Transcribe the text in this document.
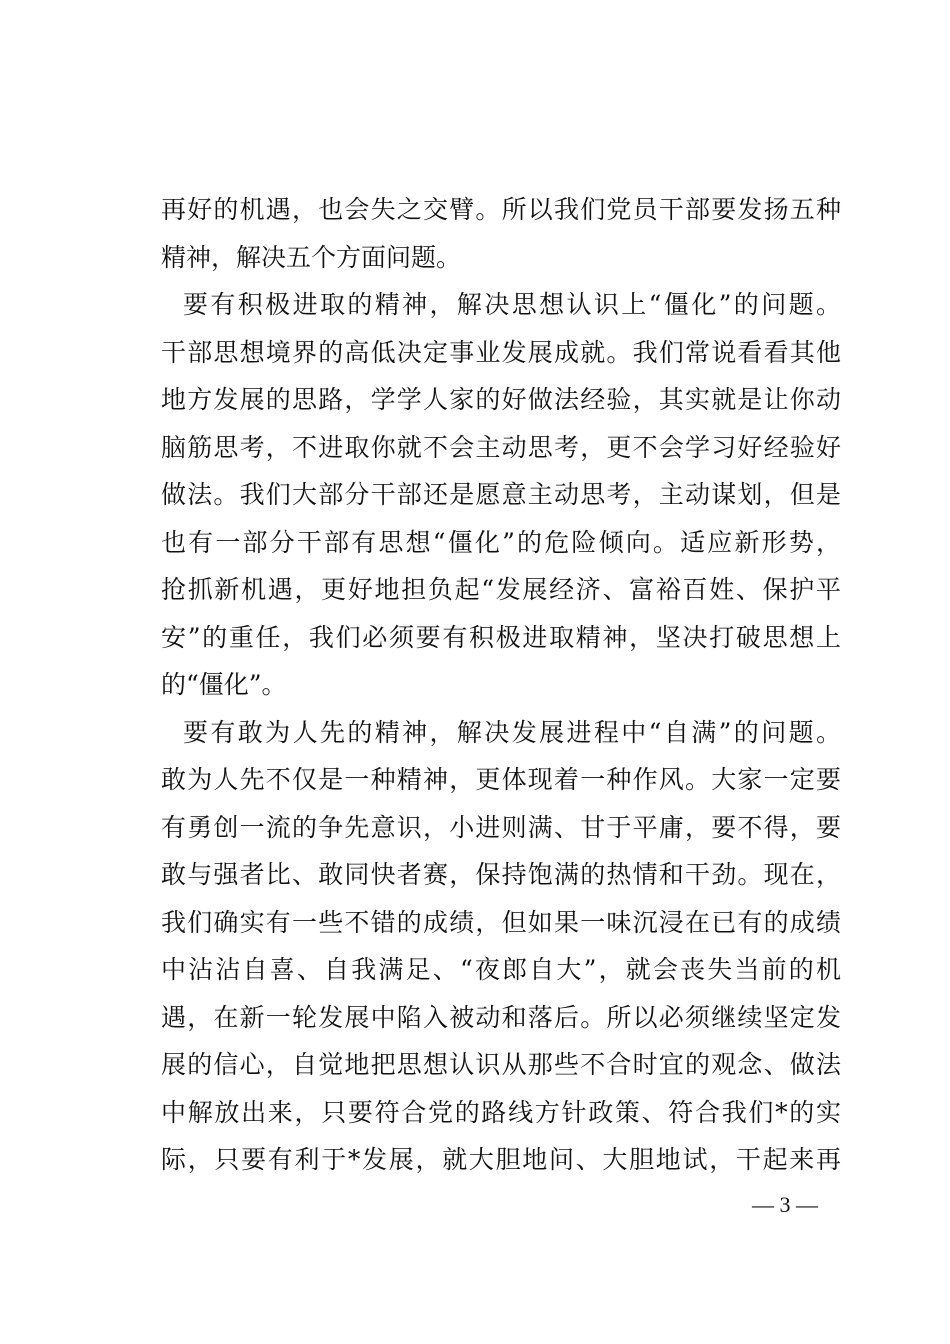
再好的机遇，也会失之交臂。所以我们党员干部要发扬五种
精神，解决五个方面问题。
要有积极进取的精神，解决思想认识上“僵化”的问题。
干部思想境界的高低决定事业发展成就。我们常说看看其他
地方发展的思路，学学人家的好做法经验，其实就是让你动
脑筋思考，不进取你就不会主动思考，更不会学习好经验好
做法。我们大部分干部还是愿意主动思考，主动谋划，但是
也有一部分干部有思想“僵化”的危险倾向。适应新形势，
抢抓新机遇，更好地担负起“发展经济、富裕百姓、保护平
安”的重任，我们必须要有积极进取精神，坚决打破思想上
的“僵化”。
要有敢为人先的精神，解决发展进程中“自满”的问题。
敢为人先不仅是一种精神，更体现着一种作风。大家一定要
有勇创一流的争先意识，小进则满、甘于平庸，要不得，要
敢与强者比、敢同快者赛，保持饱满的热情和干劲。现在，
我们确实有一些不错的成绩，但如果一味沉浸在已有的成绩
中沾沾自喜、自我满足、“夜郎自大”，就会丧失当前的机
遇，在新一轮发展中陷入被动和落后。所以必须继续坚定发
展的信心，自觉地把思想认识从那些不合时宜的观念、做法
中解放出来，只要符合党的路线方针政策、符合我们*的实
际，只要有利于*发展，就大胆地问、大胆地试，干起来再
— 3 —
